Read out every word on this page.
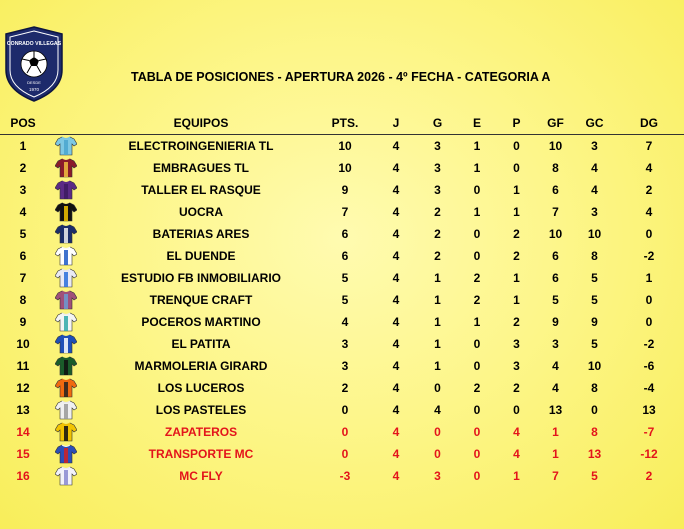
CONRADO VILLEGAS
DESDE
1970
TABLA DE POSICIONES - APERTURA 2026 - 4º FECHA - CATEGORIA A
POS		EQUIPOS	PTS.	J	G	E	P	GF	GC	DG
1		ELECTROINGENIERIA TL	10	4	3	1	0	10	3	7
2		EMBRAGUES TL	10	4	3	1	0	8	4	4
3		TALLER EL RASQUE	9	4	3	0	1	6	4	2
4		UOCRA	7	4	2	1	1	7	3	4
5		BATERIAS ARES	6	4	2	0	2	10	10	0
6		EL DUENDE	6	4	2	0	2	6	8	-2
7		ESTUDIO FB INMOBILIARIO	5	4	1	2	1	6	5	1
8		TRENQUE CRAFT	5	4	1	2	1	5	5	0
9		POCEROS MARTINO	4	4	1	1	2	9	9	0
10		EL PATITA	3	4	1	0	3	3	5	-2
11		MARMOLERIA GIRARD	3	4	1	0	3	4	10	-6
12		LOS LUCEROS	2	4	0	2	2	4	8	-4
13		LOS PASTELES	0	4	4	0	0	13	0	13
14		ZAPATEROS	0	4	0	0	4	1	8	-7
15		TRANSPORTE MC	0	4	0	0	4	1	13	-12
16		MC FLY	-3	4	3	0	1	7	5	2
